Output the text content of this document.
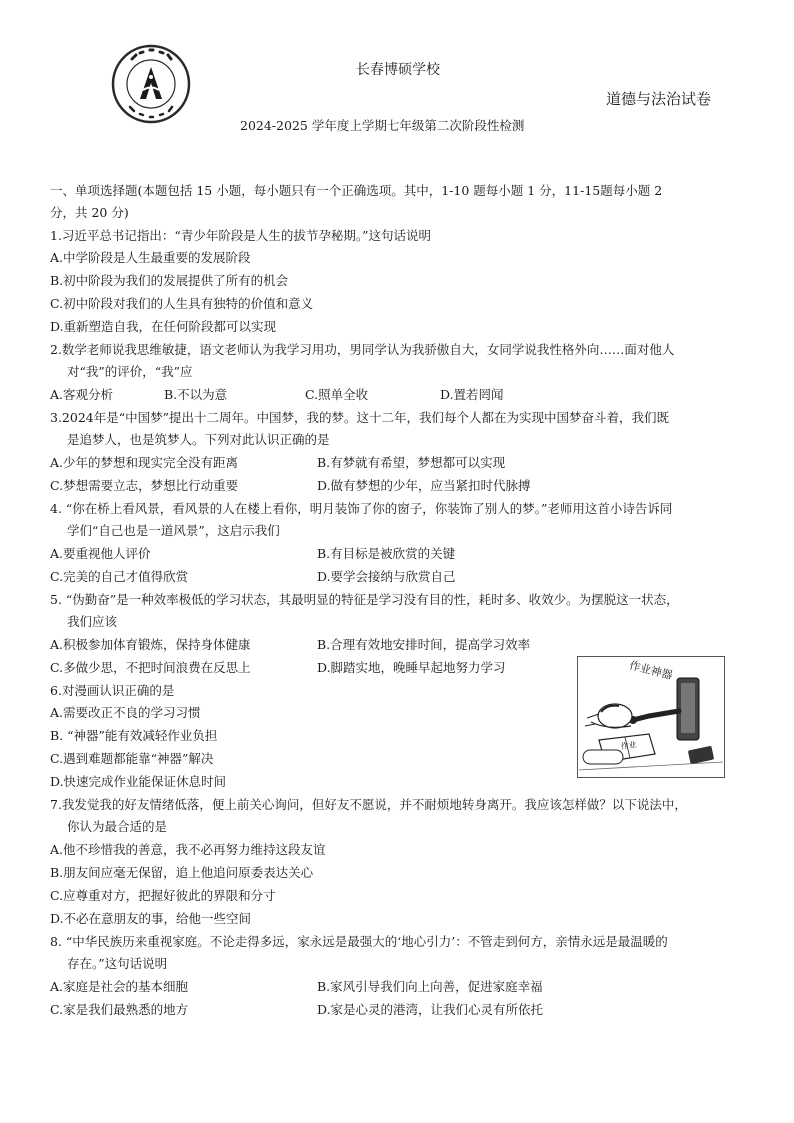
长春博硕学校
道德与法治试卷
2024-2025 学年度上学期七年级第二次阶段性检测
一、单项选择题(本题包括 15 小题，每小题只有一个正确选项。其中，1-10 题每小题 1 分，11-15题每小题 2
分，共 20 分)
1.习近平总书记指出：“青少年阶段是人生的拔节孕秘期。”这句话说明
A.中学阶段是人生最重要的发展阶段
B.初中阶段为我们的发展提供了所有的机会
C.初中阶段对我们的人生具有独特的价值和意义
D.重新塑造自我，在任何阶段都可以实现
2.数学老师说我思维敏捷，语文老师认为我学习用功，男同学认为我骄傲自大，女同学说我性格外向……面对他人
对“我”的评价，“我”应
A.客观分析	B.不以为意	C.照单全收	D.置若罔闻
3.2024年是“中国梦”提出十二周年。中国梦，我的梦。这十二年，我们每个人都在为实现中国梦奋斗着，我们既
是追梦人，也是筑梦人。下列对此认识正确的是
A.少年的梦想和现实完全没有距离	B.有梦就有希望，梦想都可以实现
C.梦想需要立志，梦想比行动重要	D.做有梦想的少年，应当紧扣时代脉搏
4. “你在桥上看风景，看风景的人在楼上看你，明月装饰了你的窗子，你装饰了别人的梦。”老师用这首小诗告诉同
学们“自己也是一道风景”，这启示我们
A.要重视他人评价	B.有目标是被欣赏的关键
C.完美的自己才值得欣赏	D.要学会接纳与欣赏自己
5. “伪勤奋”是一种效率极低的学习状态，其最明显的特征是学习没有目的性，耗时多、收效少。为摆脱这一状态，
我们应该
A.积极参加体育锻炼，保持身体健康	B.合理有效地安排时间，提高学习效率
C.多做少思，不把时间浪费在反思上	D.脚踏实地，晚睡早起地努力学习
6.对漫画认识正确的是
A.需要改正不良的学习习惯
B. “神器”能有效减轻作业负担
C.遇到难题都能靠“神器”解决
D.快速完成作业能保证休息时间
作业神器
作业
7.我发觉我的好友情绪低落，便上前关心询问，但好友不愿说，并不耐烦地转身离开。我应该怎样做？以下说法中，
你认为最合适的是
A.他不珍惜我的善意，我不必再努力维持这段友谊
B.朋友间应毫无保留，追上他追问原委表达关心
C.应尊重对方，把握好彼此的界限和分寸
D.不必在意朋友的事，给他一些空间
8. “中华民族历来重视家庭。不论走得多远，家永远是最强大的‘地心引力’：不管走到何方，亲情永远是最温暖的
存在。”这句话说明
A.家庭是社会的基本细胞	B.家风引导我们向上向善，促进家庭幸福
C.家是我们最熟悉的地方	D.家是心灵的港湾，让我们心灵有所依托
